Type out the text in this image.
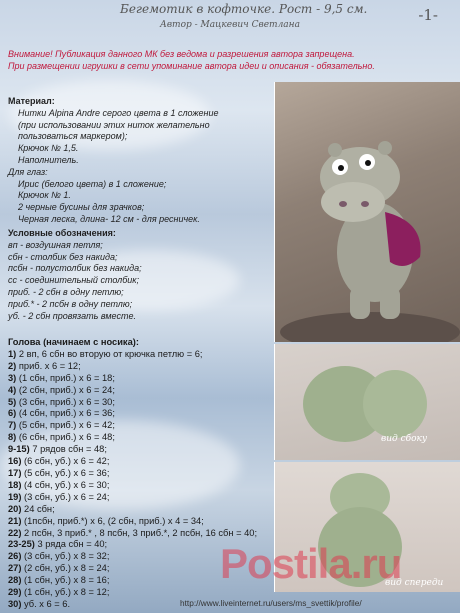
Бегемотик в кофточке. Рост - 9,5 см.
Автор - Мацкевич Светлана
-1-
Внимание! Публикация данного МК без ведома и разрешения автора запрещена.
При размещении игрушки в сети упоминание автора идеи и описания - обязательно.
Материал:
Нитки Alpina Andre серого цвета в 1 сложение
(при использовании этих ниток желательно
пользоваться маркером);
Крючок № 1,5.
Наполнитель.
Для глаз:
Ирис (белого цвета) в 1 сложение;
Крючок № 1.
2 черные бусины для зрачков;
Черная леска, длина- 12 см - для ресничек.
Условные обозначения:
вп - воздушная петля;
сбн - столбик без накида;
псбн - полустолбик без накида;
сс - соединительный столбик;
приб. - 2 сбн в одну петлю;
приб.* - 2 псбн в одну петлю;
уб. - 2 сбн провязать вместе.
Голова (начинаем с носика):
1) 2 вп, 6 сбн во вторую от крючка петлю = 6;
2) приб. х 6 = 12;
3) (1 сбн, приб.) х 6 = 18;
4) (2 сбн, приб.) х 6 = 24;
5) (3 сбн, приб.) х 6 = 30;
6) (4 сбн, приб.) х 6 = 36;
7) (5 сбн, приб.) х 6 = 42;
8) (6 сбн, приб.) х 6 = 48;
9-15) 7 рядов сбн = 48;
16) (6 сбн, уб.) х 6 = 42;
17) (5 сбн, уб.) х 6 = 36;
18) (4 сбн, уб.) х 6 = 30;
19) (3 сбн, уб.) х 6 = 24;
20) 24 сбн;
21) (1псбн, приб.*) х 6, (2 сбн, приб.) х 4 = 34;
22) 2 псбн, 3 приб.* , 8 псбн, 3 приб.*, 2 псбн, 16 сбн = 40;
23-25) 3 ряда сбн = 40;
26) (3 сбн, уб.) х 8 = 32;
27) (2 сбн, уб.) х 8 = 24;
28) (1 сбн, уб.) х 8 = 16;
29) (1 сбн, уб.) х 8 = 12;
30) уб. х 6 = 6.
вид сбоку
вид спереди
Postila.ru
http://www.liveinternet.ru/users/ms_svettik/profile/
